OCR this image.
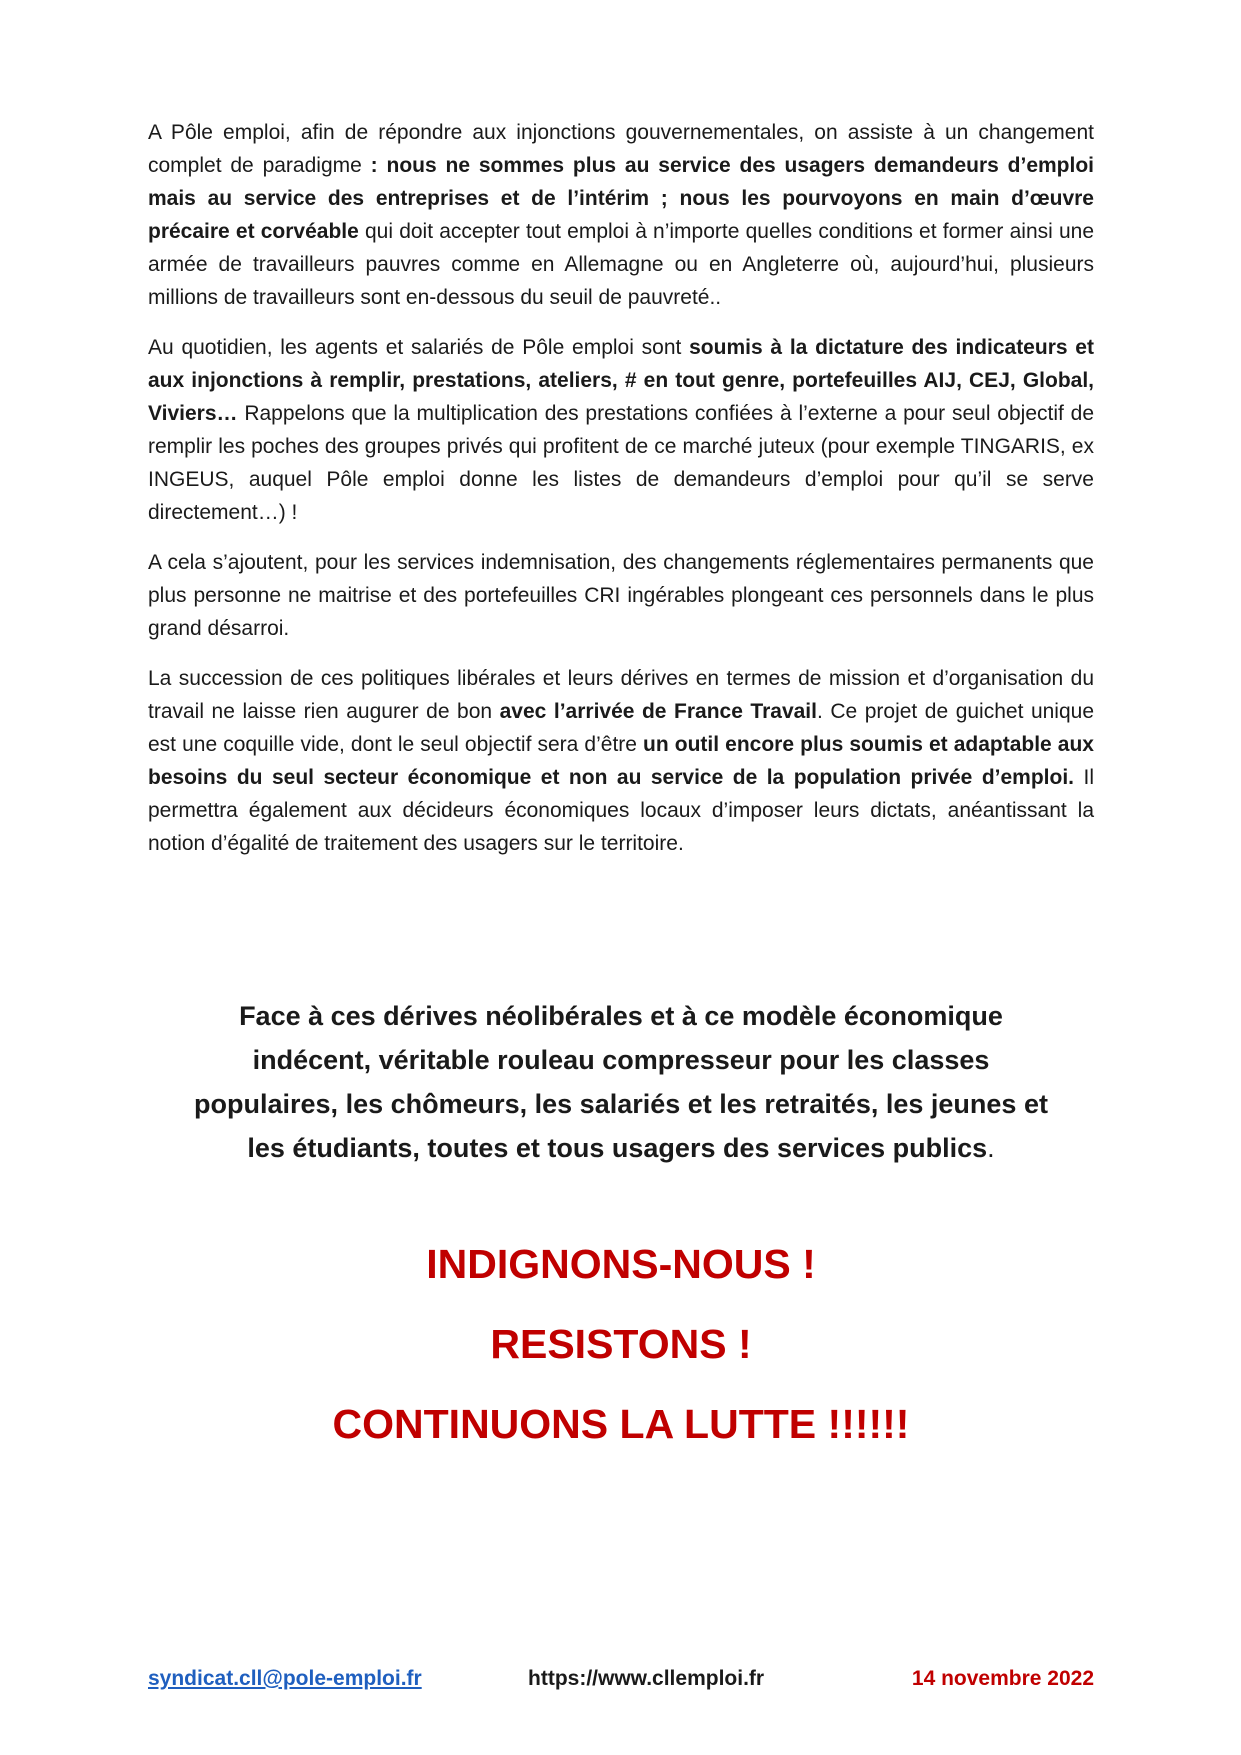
A Pôle emploi, afin de répondre aux injonctions gouvernementales, on assiste à un changement complet de paradigme : nous ne sommes plus au service des usagers demandeurs d’emploi mais au service des entreprises et de l’intérim ; nous les pourvoyons en main d’œuvre précaire et corvéable qui doit accepter tout emploi à n’importe quelles conditions et former ainsi une armée de travailleurs pauvres comme en Allemagne ou en Angleterre où, aujourd’hui, plusieurs millions de travailleurs sont en-dessous du seuil de pauvreté..

Au quotidien, les agents et salariés de Pôle emploi sont soumis à la dictature des indicateurs et aux injonctions à remplir, prestations, ateliers, # en tout genre, portefeuilles AIJ, CEJ, Global, Viviers… Rappelons que la multiplication des prestations confiées à l’externe a pour seul objectif de remplir les poches des groupes privés qui profitent de ce marché juteux (pour exemple TINGARIS, ex INGEUS, auquel Pôle emploi donne les listes de demandeurs d’emploi pour qu’il se serve directement…) !

A cela s’ajoutent, pour les services indemnisation, des changements réglementaires permanents que plus personne ne maitrise et des portefeuilles CRI ingérables plongeant ces personnels dans le plus grand désarroi.

La succession de ces politiques libérales et leurs dérives en termes de mission et d’organisation du travail ne laisse rien augurer de bon avec l’arrivée de France Travail. Ce projet de guichet unique est une coquille vide, dont le seul objectif sera d’être un outil encore plus soumis et adaptable aux besoins du seul secteur économique et non au service de la population privée d’emploi. Il permettra également aux décideurs économiques locaux d’imposer leurs dictats, anéantissant la notion d’égalité de traitement des usagers sur le territoire.

Face à ces dérives néolibérales et à ce modèle économique
indécent, véritable rouleau compresseur pour les classes
populaires, les chômeurs, les salariés et les retraités, les jeunes et
les étudiants, toutes et tous usagers des services publics.
INDIGNONS-NOUS !
RESISTONS !
CONTINUONS LA LUTTE !!!!!!
syndicat.cll@pole-emploi.fr	https://www.cllemploi.fr	14 novembre 2022
